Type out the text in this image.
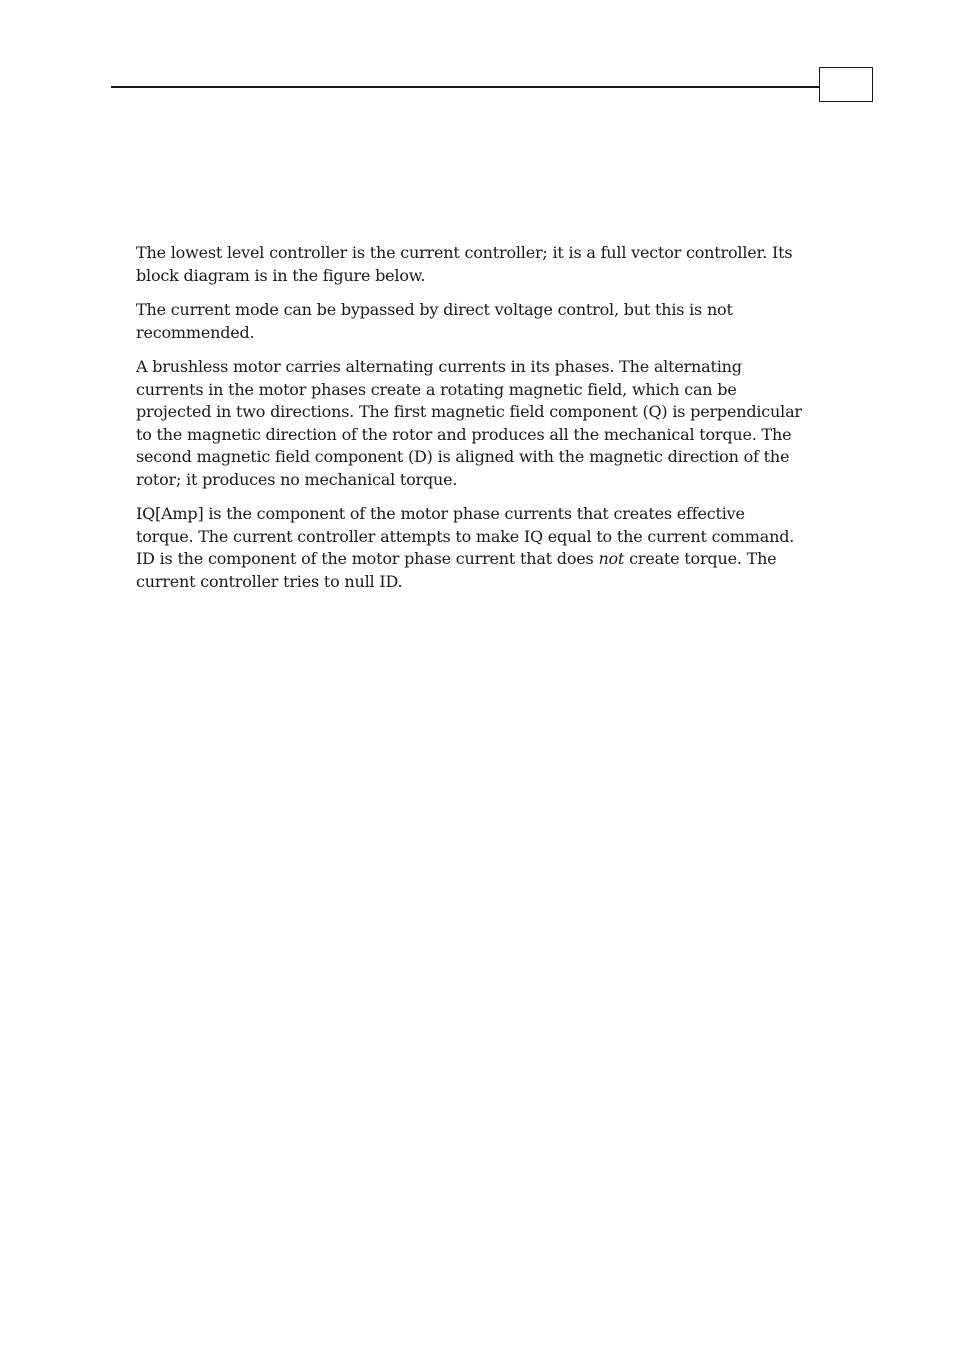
The lowest level controller is the current controller; it is a full vector controller. Its block diagram is in the figure below.

The current mode can be bypassed by direct voltage control, but this is not recommended.

A brushless motor carries alternating currents in its phases. The alternating currents in the motor phases create a rotating magnetic field, which can be projected in two directions. The first magnetic field component (Q) is perpendicular to the magnetic direction of the rotor and produces all the mechanical torque. The second magnetic field component (D) is aligned with the magnetic direction of the rotor; it produces no mechanical torque.

IQ[Amp] is the component of the motor phase currents that creates effective torque. The current controller attempts to make IQ equal to the current command. ID is the component of the motor phase current that does not create torque. The current controller tries to null ID.
